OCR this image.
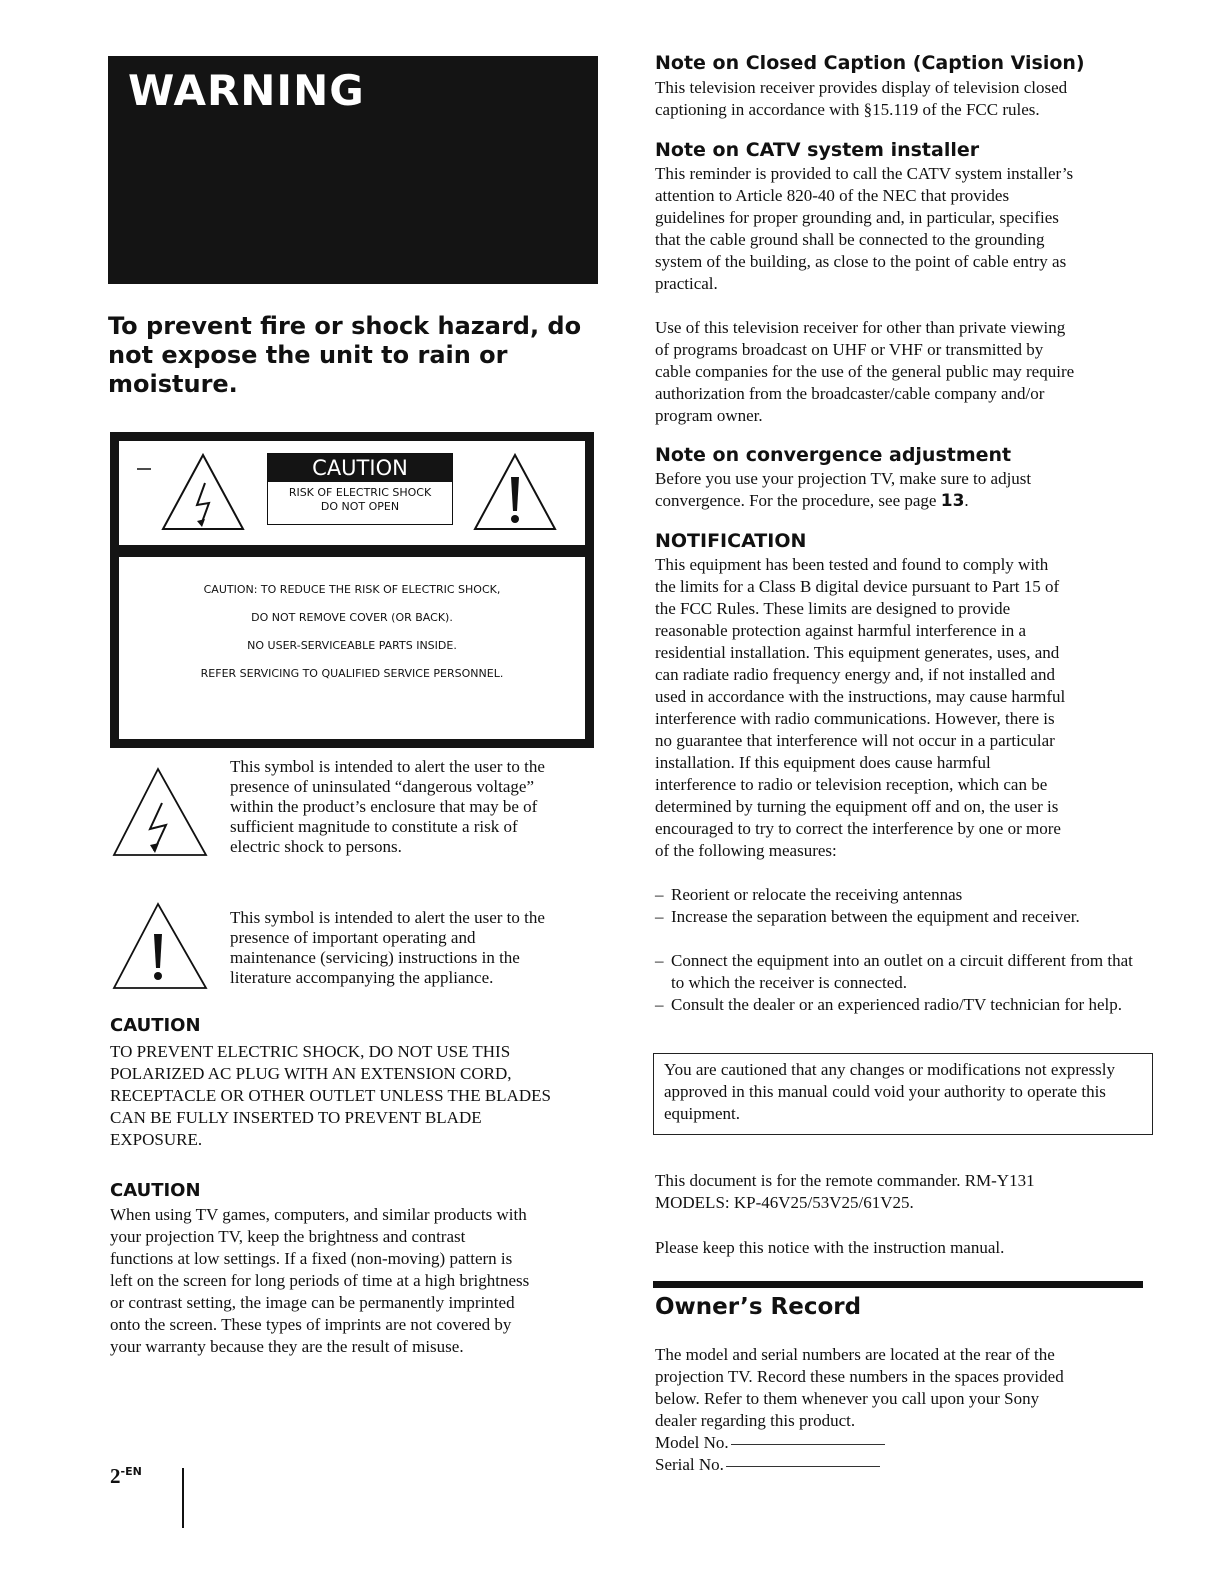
WARNING
To prevent fire or shock hazard, do not expose the unit to rain or moisture.
CAUTION
RISK OF ELECTRIC SHOCK
DO NOT OPEN
CAUTION: TO REDUCE THE RISK OF ELECTRIC SHOCK,
DO NOT REMOVE COVER (OR BACK).
NO USER-SERVICEABLE PARTS INSIDE.
REFER SERVICING TO QUALIFIED SERVICE PERSONNEL.
This symbol is intended to alert the user to the
presence of uninsulated “dangerous voltage”
within the product’s enclosure that may be of
sufficient magnitude to constitute a risk of
electric shock to persons.
This symbol is intended to alert the user to the
presence of important operating and
maintenance (servicing) instructions in the
literature accompanying the appliance.
CAUTION
TO PREVENT ELECTRIC SHOCK, DO NOT USE THIS
POLARIZED AC PLUG WITH AN EXTENSION CORD,
RECEPTACLE OR OTHER OUTLET UNLESS THE BLADES
CAN BE FULLY INSERTED TO PREVENT BLADE
EXPOSURE.
CAUTION
When using TV games, computers, and similar products with
your projection TV, keep the brightness and contrast
functions at low settings. If a fixed (non-moving) pattern is
left on the screen for long periods of time at a high brightness
or contrast setting, the image can be permanently imprinted
onto the screen. These types of imprints are not covered by
your warranty because they are the result of misuse.
$2^{-EN}$
Note on Closed Caption (Caption Vision)
This television receiver provides display of television closed
captioning in accordance with §15.119 of the FCC rules.
Note on CATV system installer
This reminder is provided to call the CATV system installer’s
attention to Article 820-40 of the NEC that provides
guidelines for proper grounding and, in particular, specifies
that the cable ground shall be connected to the grounding
system of the building, as close to the point of cable entry as
practical.
Use of this television receiver for other than private viewing
of programs broadcast on UHF or VHF or transmitted by
cable companies for the use of the general public may require
authorization from the broadcaster/cable company and/or
program owner.
Note on convergence adjustment
Before you use your projection TV, make sure to adjust
convergence. For the procedure, see page 13.
NOTIFICATION
This equipment has been tested and found to comply with
the limits for a Class B digital device pursuant to Part 15 of
the FCC Rules. These limits are designed to provide
reasonable protection against harmful interference in a
residential installation. This equipment generates, uses, and
can radiate radio frequency energy and, if not installed and
used in accordance with the instructions, may cause harmful
interference with radio communications. However, there is
no guarantee that interference will not occur in a particular
installation. If this equipment does cause harmful
interference to radio or television reception, which can be
determined by turning the equipment off and on, the user is
encouraged to try to correct the interference by one or more
of the following measures:
– Reorient or relocate the receiving antennas
– Increase the separation between the equipment and receiver.
– Connect the equipment into an outlet on a circuit different from that to which the receiver is connected.
– Consult the dealer or an experienced radio/TV technician for help.
You are cautioned that any changes or modifications not expressly approved in this manual could void your authority to operate this equipment.
This document is for the remote commander. RM-Y131
MODELS: KP-46V25/53V25/61V25.
Please keep this notice with the instruction manual.
Owner’s Record
The model and serial numbers are located at the rear of the
projection TV. Record these numbers in the spaces provided
below. Refer to them whenever you call upon your Sony
dealer regarding this product.
Model No.
Serial No.
